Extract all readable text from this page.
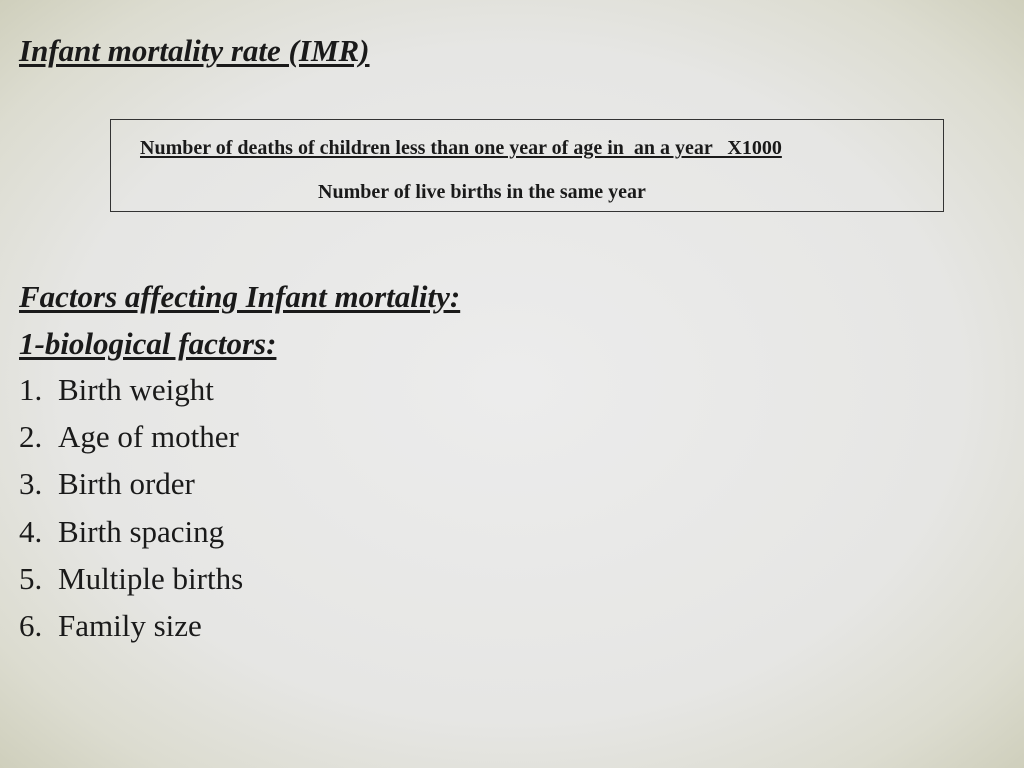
Infant mortality rate (IMR)
Number of deaths of children less than one year of age in  an a year   X1000
Number of live births in the same year
Factors affecting Infant mortality:
1-biological factors:
1. Birth weight
2. Age of mother
3. Birth order
4. Birth spacing
5. Multiple births
6. Family size
